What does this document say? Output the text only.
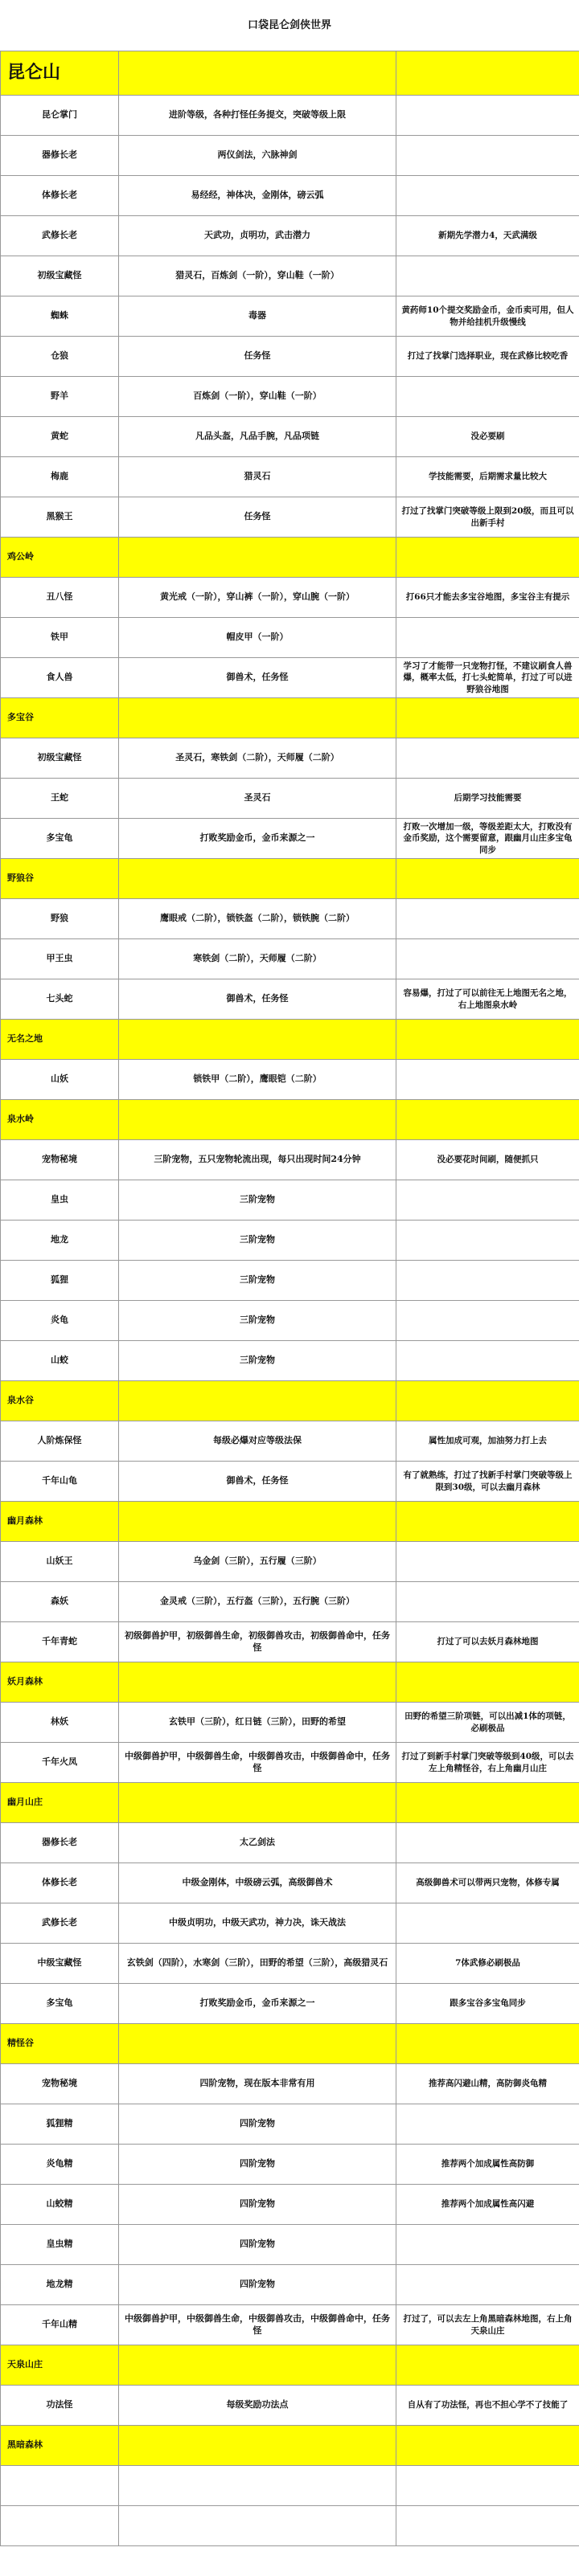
口袋昆仑剑侠世界
昆仑山		
昆仑掌门	进阶等级，各种打怪任务提交，突破等级上限	
器修长老	两仪剑法，六脉神剑	
体修长老	易经经，神体决，金刚体，磅云弧	
武修长老	天武功，贞明功，武击潜力	新期先学潜力4，天武满级
初级宝藏怪	猎灵石，百炼剑（一阶），穿山鞋（一阶）	
蜘蛛	毒器	黄药师10个提交奖励金币，金币卖可用，但人物并给挂机升级慢线
仓狼	任务怪	打过了找掌门选择职业，现在武修比较吃香
野羊	百炼剑（一阶），穿山鞋（一阶）	
黄蛇	凡品头盔，凡品手腕，凡品项链	没必要刷
梅鹿	猎灵石	学技能需要，后期需求量比较大
黑猴王	任务怪	打过了找掌门突破等级上限到20级，而且可以出新手村
鸡公岭		
丑八怪	黄光戒（一阶），穿山裤（一阶），穿山腕（一阶）	打66只才能去多宝谷地图，多宝谷主有提示
铁甲	帽皮甲（一阶）	
食人兽	御兽术，任务怪	学习了才能带一只宠物打怪，不建议刷食人兽爆，概率太低，打七头蛇简单，打过了可以进野狼谷地图
多宝谷		
初级宝藏怪	圣灵石，寒铁剑（二阶），天师履（二阶）	
王蛇	圣灵石	后期学习技能需要
多宝龟	打败奖励金币，金币来源之一	打败一次增加一级，等级差距太大，打败没有金币奖励，这个需要留意，跟幽月山庄多宝龟同步
野狼谷		
野狼	鹰眼戒（二阶），锁铁盔（二阶），锁铁腕（二阶）	
甲王虫	寒铁剑（二阶），天师履（二阶）	
七头蛇	御兽术，任务怪	容易爆，打过了可以前往无上地图无名之地，右上地图泉水岭
无名之地		
山妖	锁铁甲（二阶），鹰眼铠（二阶）	
泉水岭		
宠物秘境	三阶宠物，五只宠物轮流出现，每只出现时间24分钟	没必要花时间刷，随便抓只
皇虫	三阶宠物	
地龙	三阶宠物	
狐狸	三阶宠物	
炎龟	三阶宠物	
山蛟	三阶宠物	
泉水谷		
人阶炼保怪	每级必爆对应等级法保	属性加成可观，加油努力打上去
千年山龟	御兽术，任务怪	有了就熟练，打过了找新手村掌门突破等级上限到30级，可以去幽月森林
幽月森林		
山妖王	乌金剑（三阶），五行履（三阶）	
森妖	金灵戒（三阶），五行盔（三阶），五行腕（三阶）	
千年青蛇	初级御兽护甲，初级御兽生命，初级御兽攻击，初级御兽命中，任务怪	打过了可以去妖月森林地图
妖月森林		
林妖	玄铁甲（三阶），红日链（三阶），田野的希望	田野的希望三阶项链，可以出减1体的项链，必刷极品
千年火凤	中级御兽护甲，中级御兽生命，中级御兽攻击，中级御兽命中，任务怪	打过了到新手村掌门突破等级到40级，可以去左上角精怪谷，右上角幽月山庄
幽月山庄		
器修长老	太乙剑法	
体修长老	中级金刚体，中级磅云弧，高级御兽术	高级御兽术可以带两只宠物，体修专属
武修长老	中级贞明功，中级天武功，神力决，诛天战法	
中级宝藏怪	玄铁剑（四阶），水寒剑（三阶），田野的希望（三阶），高级猎灵石	7体武修必刷极品
多宝龟	打败奖励金币，金币来源之一	跟多宝谷多宝龟同步
精怪谷		
宠物秘境	四阶宠物，现在版本非常有用	推荐高闪避山精，高防御炎龟精
狐狸精	四阶宠物	
炎龟精	四阶宠物	推荐两个加成属性高防御
山蛟精	四阶宠物	推荐两个加成属性高闪避
皇虫精	四阶宠物	
地龙精	四阶宠物	
千年山精	中级御兽护甲，中级御兽生命，中级御兽攻击，中级御兽命中，任务怪	打过了，可以去左上角黑暗森林地图，右上角天泉山庄
天泉山庄		
功法怪	每级奖励功法点	自从有了功法怪，再也不担心学不了技能了
黑暗森林		
